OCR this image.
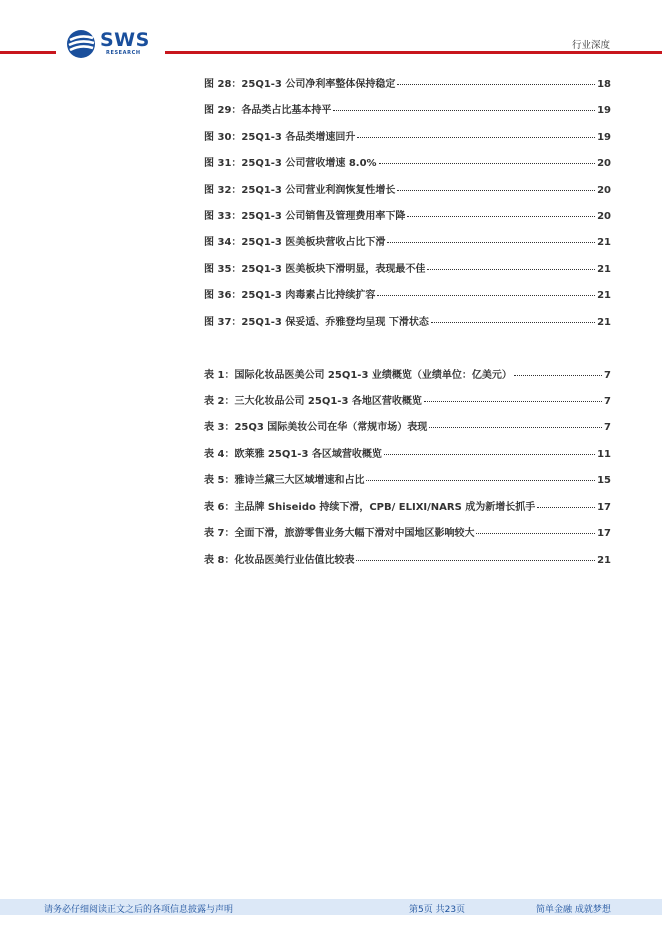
SWS
RESEARCH
行业深度
图 28：25Q1-3 公司净利率整体保持稳定	18
图 29：各品类占比基本持平	19
图 30：25Q1-3 各品类增速回升	19
图 31：25Q1-3 公司营收增速 8.0%	20
图 32：25Q1-3 公司营业利润恢复性增长	20
图 33：25Q1-3 公司销售及管理费用率下降	20
图 34：25Q1-3 医美板块营收占比下滑	21
图 35：25Q1-3 医美板块下滑明显，表现最不佳	21
图 36：25Q1-3 肉毒素占比持续扩容	21
图 37：25Q1-3 保妥适、乔雅登均呈现 下滑状态	21
表 1：国际化妆品医美公司 25Q1-3 业绩概览（业绩单位：亿美元）	7
表 2：三大化妆品公司 25Q1-3 各地区营收概览	7
表 3：25Q3 国际美妆公司在华（常规市场）表现	7
表 4：欧莱雅 25Q1-3 各区域营收概览	11
表 5：雅诗兰黛三大区域增速和占比	15
表 6：主品牌 Shiseido 持续下滑，CPB/ ELIXI/NARS 成为新增长抓手	17
表 7：全面下滑，旅游零售业务大幅下滑对中国地区影响较大	17
表 8：化妆品医美行业估值比较表	21
请务必仔细阅读正文之后的各项信息披露与声明	第5页 共23页	简单金融 成就梦想
